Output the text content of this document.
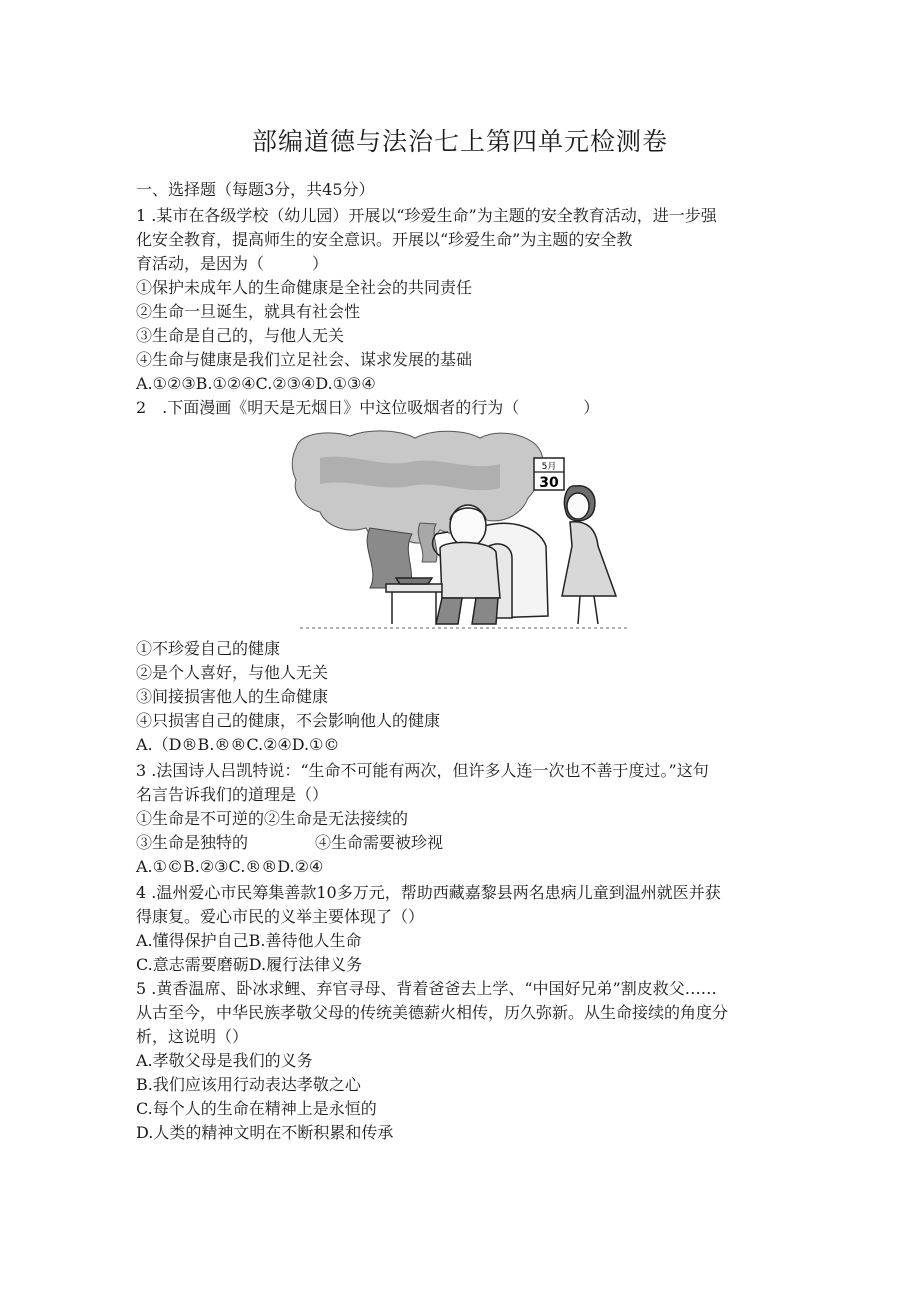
部编道德与法治七上第四单元检测卷
一、选择题（每题3分，共45分）
1 .某市在各级学校（幼儿园）开展以“珍爱生命”为主题的安全教育活动，进一步强
化安全教育，提高师生的安全意识。开展以“珍爱生命”为主题的安全教
育活动，是因为（　　　）
①保护未成年人的生命健康是全社会的共同责任
②生命一旦诞生，就具有社会性
③生命是自己的，与他人无关
④生命与健康是我们立足社会、谋求发展的基础
A.①②③B.①②④C.②③④D.①③④
2　.下面漫画《明天是无烟日》中这位吸烟者的行为（　　　　）
5月
30
①不珍爱自己的健康
②是个人喜好，与他人无关
③间接损害他人的生命健康
④只损害自己的健康，不会影响他人的健康
A.（D®B.®®C.②④D.①©
3 .法国诗人吕凯特说：“生命不可能有两次，但许多人连一次也不善于度过。”这句
名言告诉我们的道理是（）
①生命是不可逆的②生命是无法接续的
③生命是独特的	④生命需要被珍视
A.①©B.②③C.®®D.②④
4 .温州爱心市民筹集善款10多万元，帮助西藏嘉黎县两名患病儿童到温州就医并获
得康复。爱心市民的义举主要体现了（）
A.懂得保护自己B.善待他人生命
C.意志需要磨砺D.履行法律义务
5 .黄香温席、卧冰求鲤、弃官寻母、背着爸爸去上学、“中国好兄弟”割皮救父……
从古至今，中华民族孝敬父母的传统美德薪火相传，历久弥新。从生命接续的角度分
析，这说明（）
A.孝敬父母是我们的义务
B.我们应该用行动表达孝敬之心
C.每个人的生命在精神上是永恒的
D.人类的精神文明在不断积累和传承
